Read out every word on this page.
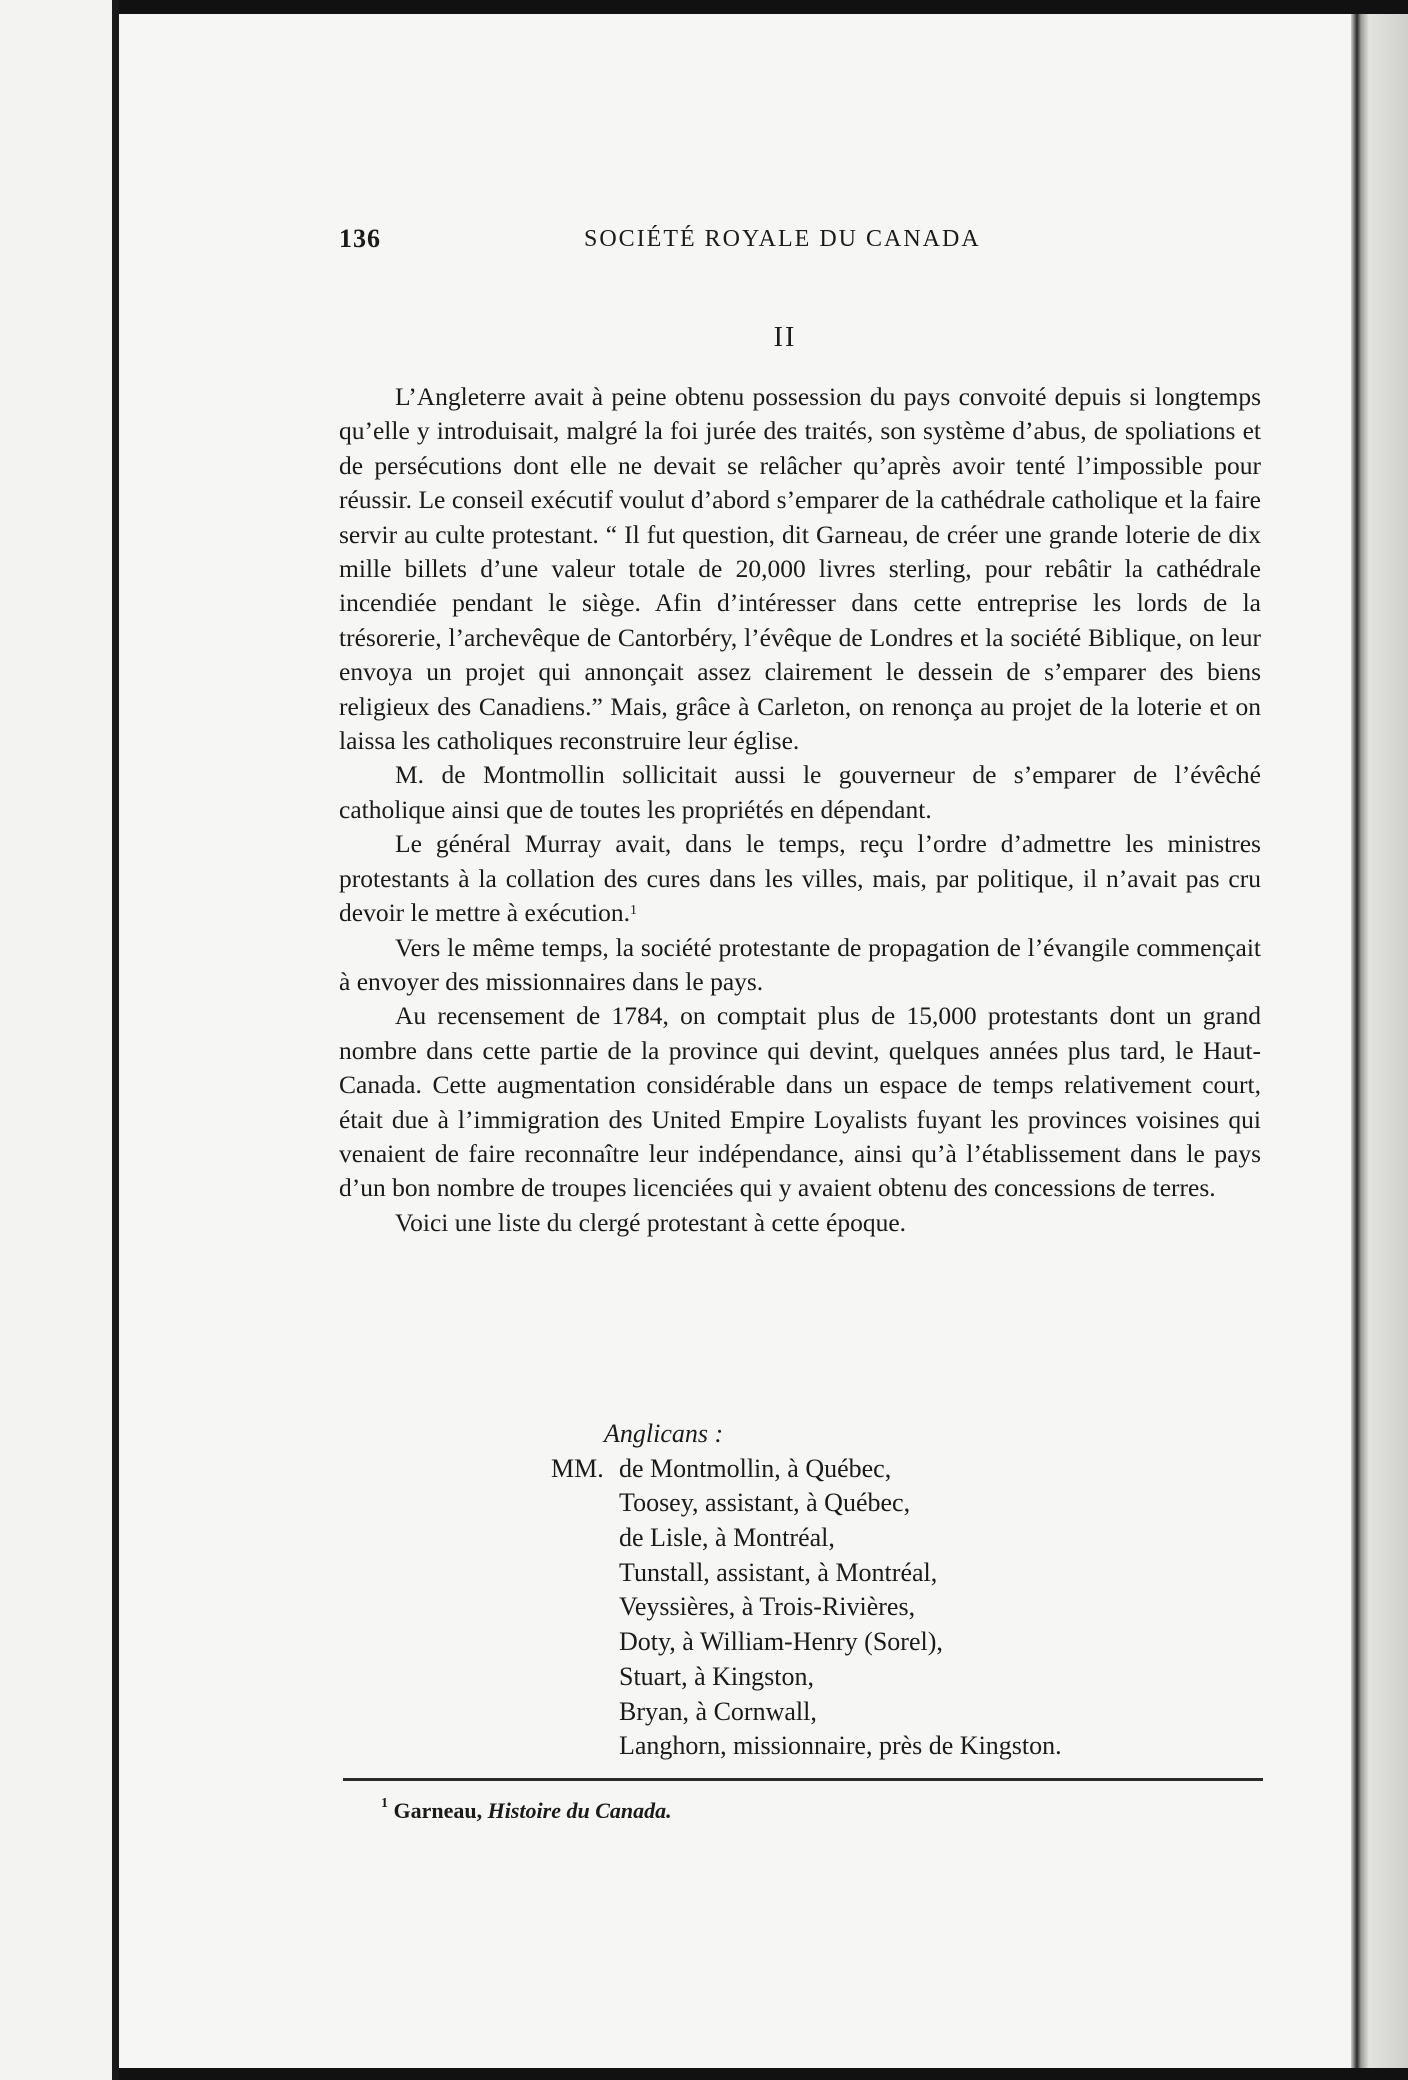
136	SOCIÉTÉ ROYALE DU CANADA
II

L’Angleterre avait à peine obtenu possession du pays convoité depuis si longtemps qu’elle y introduisait, malgré la foi jurée des traités, son système d’abus, de spoliations et de persécutions dont elle ne devait se relâcher qu’après avoir tenté l’impossible pour réussir. Le conseil exécutif voulut d’abord s’emparer de la cathédrale catholique et la faire servir au culte protestant. “ Il fut question, dit Garneau, de créer une grande loterie de dix mille billets d’une valeur totale de 20,000 livres sterling, pour rebâtir la cathédrale incendiée pendant le siège. Afin d’intéresser dans cette entreprise les lords de la trésorerie, l’archevêque de Cantorbéry, l’évêque de Londres et la société Biblique, on leur envoya un projet qui annonçait assez clairement le dessein de s’emparer des biens religieux des Canadiens.” Mais, grâce à Carleton, on renonça au projet de la loterie et on laissa les catholiques reconstruire leur église.

M. de Montmollin sollicitait aussi le gouverneur de s’emparer de l’évêché catholique ainsi que de toutes les propriétés en dépendant.

Le général Murray avait, dans le temps, reçu l’ordre d’admettre les ministres protestants à la collation des cures dans les villes, mais, par politique, il n’avait pas cru devoir le mettre à exécution.$^1$

Vers le même temps, la société protestante de propagation de l’évangile commençait à envoyer des missionnaires dans le pays.

Au recensement de 1784, on comptait plus de 15,000 protestants dont un grand nombre dans cette partie de la province qui devint, quelques années plus tard, le Haut-Canada. Cette augmentation considérable dans un espace de temps relativement court, était due à l’immigration des United Empire Loyalists fuyant les provinces voisines qui venaient de faire reconnaître leur indépendance, ainsi qu’à l’établissement dans le pays d’un bon nombre de troupes licenciées qui y avaient obtenu des concessions de terres.

Voici une liste du clergé protestant à cette époque.

Anglicans :
MM. de Montmollin, à Québec,
Toosey, assistant, à Québec,
de Lisle, à Montréal,
Tunstall, assistant, à Montréal,
Veyssières, à Trois-Rivières,
Doty, à William-Henry (Sorel),
Stuart, à Kingston,
Bryan, à Cornwall,
Langhorn, missionnaire, près de Kingston.
$^1$ Garneau, Histoire du Canada.
